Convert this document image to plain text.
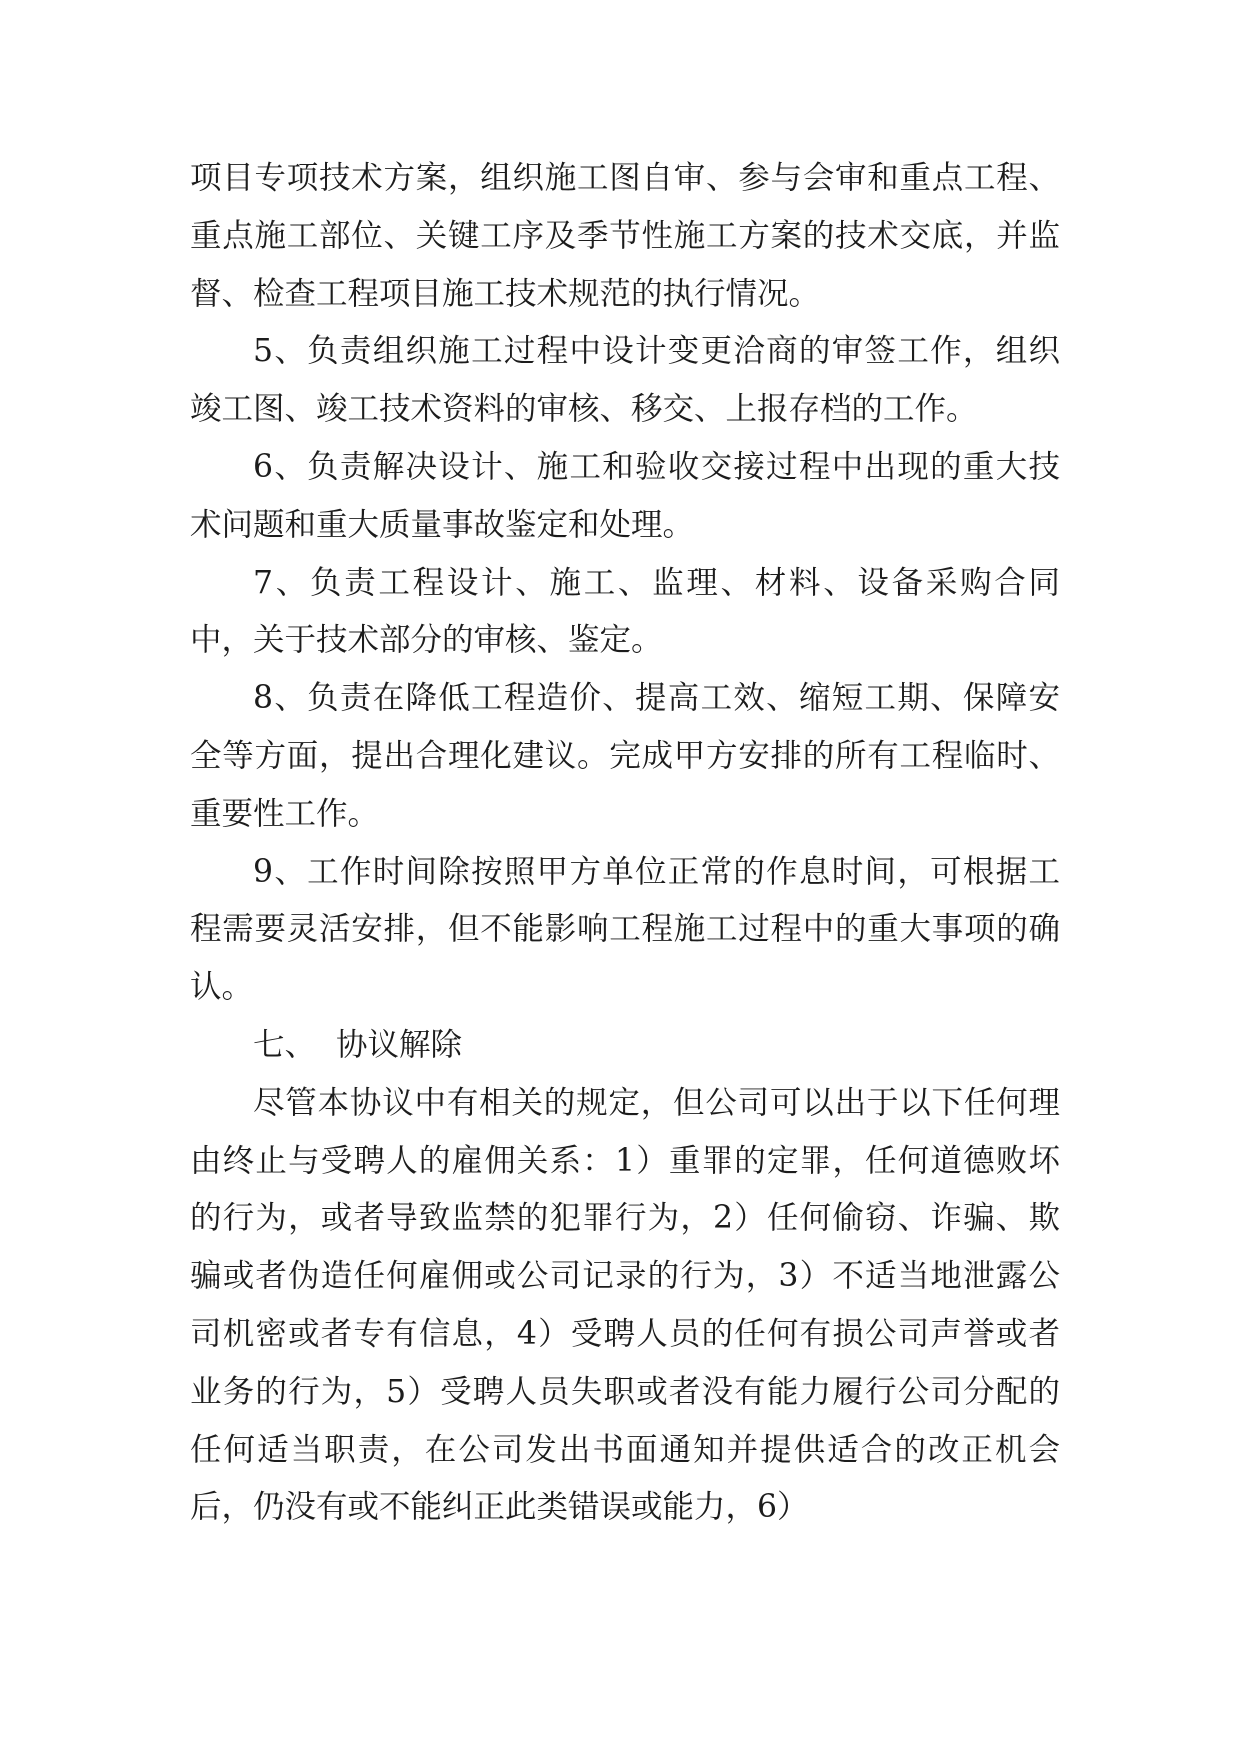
项目专项技术方案，组织施工图自审、参与会审和重点工程、重点施工部位、关键工序及季节性施工方案的技术交底，并监督、检查工程项目施工技术规范的执行情况。

5、负责组织施工过程中设计变更洽商的审签工作，组织竣工图、竣工技术资料的审核、移交、上报存档的工作。

6、负责解决设计、施工和验收交接过程中出现的重大技术问题和重大质量事故鉴定和处理。

7、负责工程设计、施工、监理、材料、设备采购合同中，关于技术部分的审核、鉴定。

8、负责在降低工程造价、提高工效、缩短工期、保障安全等方面，提出合理化建议。完成甲方安排的所有工程临时、重要性工作。

9、工作时间除按照甲方单位正常的作息时间，可根据工程需要灵活安排，但不能影响工程施工过程中的重大事项的确认。

七、  协议解除

尽管本协议中有相关的规定，但公司可以出于以下任何理由终止与受聘人的雇佣关系：1）重罪的定罪，任何道德败坏的行为，或者导致监禁的犯罪行为，2）任何偷窃、诈骗、欺骗或者伪造任何雇佣或公司记录的行为，3）不适当地泄露公司机密或者专有信息，4）受聘人员的任何有损公司声誉或者业务的行为，5）受聘人员失职或者没有能力履行公司分配的任何适当职责，在公司发出书面通知并提供适合的改正机会后，仍没有或不能纠正此类错误或能力，6）
